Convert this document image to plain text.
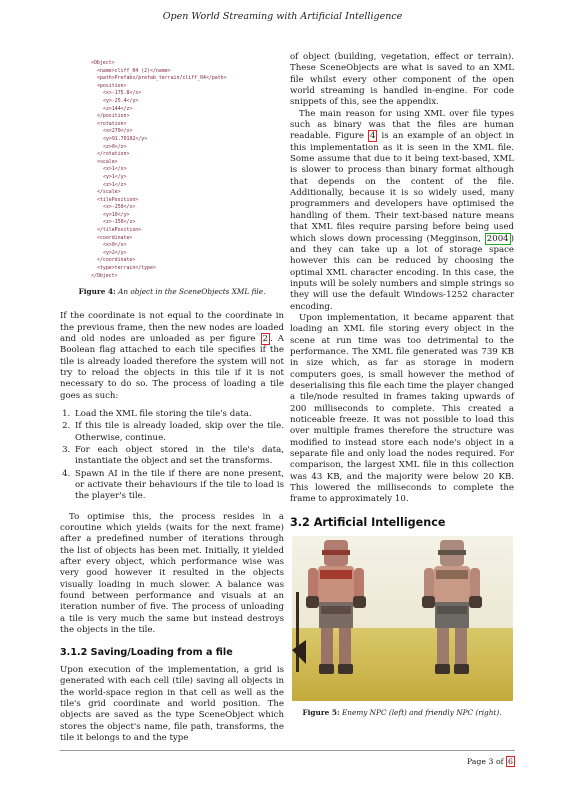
Open World Streaming with Artificial Intelligence
<Object>
<name>cliff_04 (2)</name>
<path>Prefabs/prefab_terrain/cliff_04</path>
<position>
<x>-175.8</x>
<y>-25.4</y>
<z>144</z>
</position>
<rotation>
<x>270</x>
<y>91.70192</y>
<z>0</z>
</rotation>
<scale>
<x>1</x>
<y>1</y>
<z>1</z>
</scale>
<tilePosition>
<x>-250</x>
<y>10</y>
<z>-150</z>
</tilePosition>
<coordinate>
<x>0</x>
<y>2</y>
</coordinate>
<type>terrain</type>
</Object>

Figure 4: An object in the SceneObjects XML file.

If the coordinate is not equal to the coordinate in the previous frame, then the new nodes are loaded and old nodes are unloaded as per figure 2 . A Boolean flag attached to each tile specifies if the tile is already loaded therefore the system will not try to reload the objects in this tile if it is not necessary to do so. The process of loading a tile goes as such:

1. Load the XML file storing the tile's data.
2. If this tile is already loaded, skip over the tile. Otherwise, continue.
3. For each object stored in the tile's data, instantiate the object and set the transforms.
4. Spawn AI in the tile if there are none present, or activate their behaviours if the tile to load is the player's tile.

To optimise this, the process resides in a coroutine which yields (waits for the next frame) after a predefined number of iterations through the list of objects has been met. Initially, it yielded after every object, which performance wise was very good however it resulted in the objects visually loading in much slower. A balance was found between performance and visuals at an iteration number of five. The process of unloading a tile is very much the same but instead destroys the objects in the tile.

3.1.2 Saving/Loading from a file

Upon execution of the implementation, a grid is generated with each cell (tile) saving all objects in the world-space region in that cell as well as the tile's grid coordinate and world position. The objects are saved as the type SceneObject which stores the object's name, file path, transforms, the tile it belongs to and the type

of object (building, vegetation, effect or terrain). These SceneObjects are what is saved to an XML file whilst every other component of the open world streaming is handled in-engine. For code snippets of this, see the appendix.

The main reason for using XML over file types such as binary was that the files are human readable. Figure 4 is an example of an object in this implementation as it is seen in the XML file. Some assume that due to it being text-based, XML is slower to process than binary format although that depends on the content of the file. Additionally, because it is so widely used, many programmers and developers have optimised the handling of them. Their text-based nature means that XML files require parsing before being used which slows down processing (Megginson, 2004 ) and they can take up a lot of storage space however this can be reduced by choosing the optimal XML character encoding. In this case, the inputs will be solely numbers and simple strings so they will use the default Windows-1252 character encoding.

Upon implementation, it became apparent that loading an XML file storing every object in the scene at run time was too detrimental to the performance. The XML file generated was 739 KB in size which, as far as storage in modern computers goes, is small however the method of deserialising this file each time the player changed a tile/node resulted in frames taking upwards of 200 milliseconds to complete. This created a noticeable freeze. It was not possible to load this over multiple frames therefore the structure was modified to instead store each node's object in a separate file and only load the nodes required. For comparison, the largest XML file in this collection was 43 KB, and the majority were below 20 KB. This lowered the milliseconds to complete the frame to approximately 10.

3.2 Artificial Intelligence

Figure 5: Enemy NPC (left) and friendly NPC (right).

Page 3 of 6
